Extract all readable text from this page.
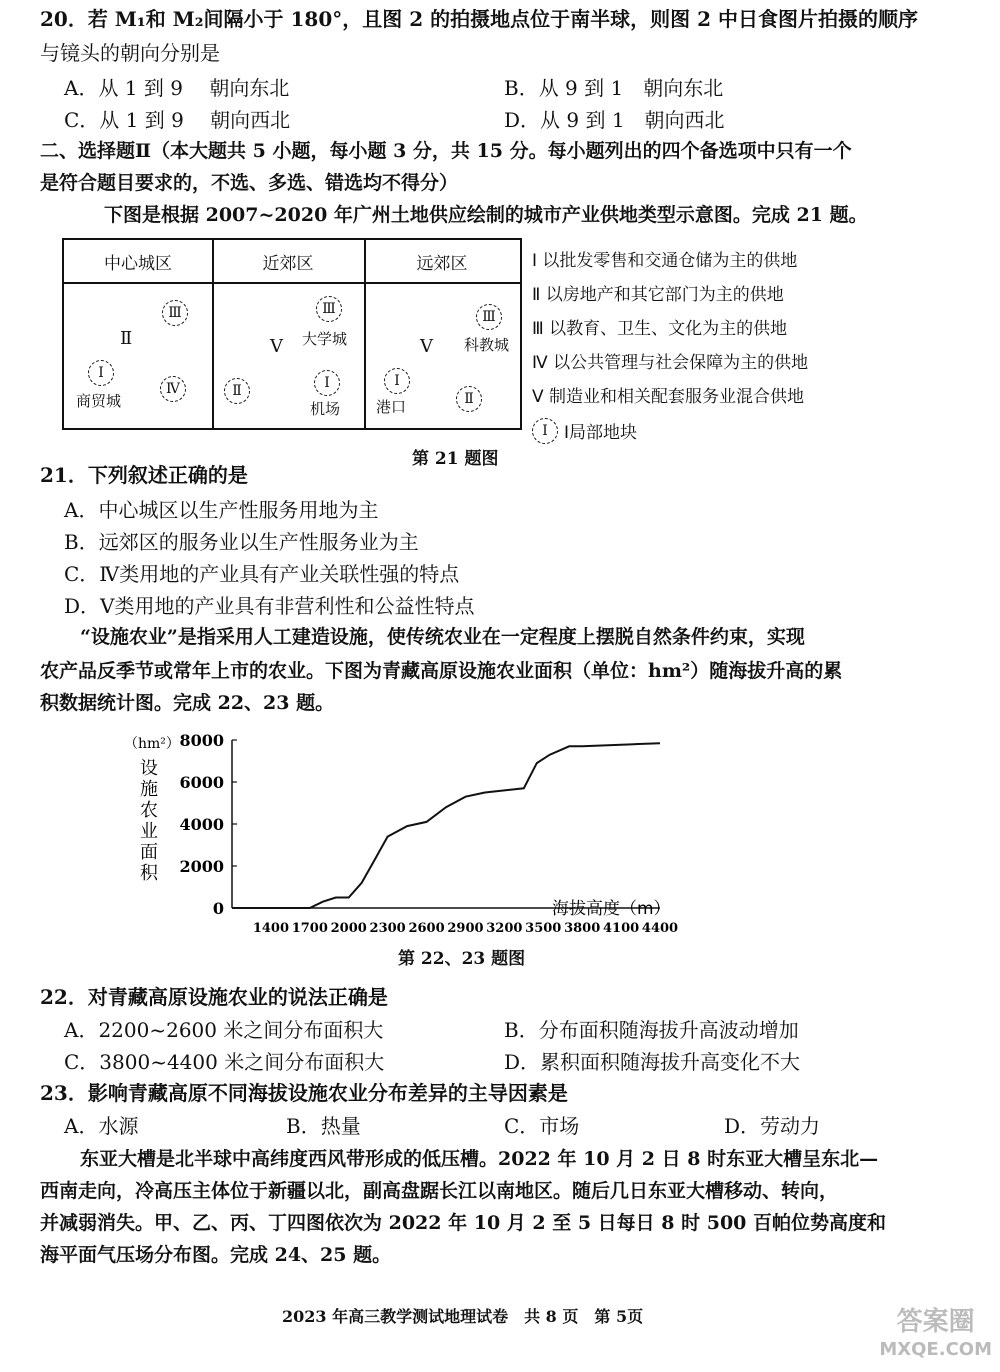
20．若 M₁和 M₂间隔小于 180°，且图 2 的拍摄地点位于南半球，则图 2 中日食图片拍摄的顺序
与镜头的朝向分别是
A．从 1 到 9　 朝向东北	B．从 9 到 1　朝向东北
C．从 1 到 9　 朝向西北	D．从 9 到 1　朝向西北
二、选择题Ⅱ（本大题共 5 小题，每小题 3 分，共 15 分。每小题列出的四个备选项中只有一个
是符合题目要求的，不选、多选、错选均不得分）
下图是根据 2007~2020 年广州土地供应绘制的城市产业供地类型示意图。完成 21 题。
中心城区	近郊区	远郊区
Ⅱ
Ⅲ
Ⅰ
商贸城
Ⅳ
Ⅴ
Ⅲ
大学城
Ⅱ	Ⅰ
机场
Ⅴ
Ⅲ
科教城
Ⅰ
港口	Ⅱ
Ⅰ 以批发零售和交通仓储为主的供地
Ⅱ 以房地产和其它部门为主的供地
Ⅲ 以教育、卫生、文化为主的供地
Ⅳ 以公共管理与社会保障为主的供地
Ⅴ 制造业和相关配套服务业混合供地
Ⅰ Ⅰ局部地块
第 21 题图
21．下列叙述正确的是
A．中心城区以生产性服务用地为主
B．远郊区的服务业以生产性服务业为主
C．Ⅳ类用地的产业具有产业关联性强的特点
D．Ⅴ类用地的产业具有非营利性和公益性特点
“设施农业”是指采用人工建造设施，使传统农业在一定程度上摆脱自然条件约束，实现
农产品反季节或常年上市的农业。下图为青藏高原设施农业面积（单位：hm²）随海拔升高的累
积数据统计图。完成 22、23 题。
（hm²）
设
施
农
业
面
积
0
2000
4000
6000
8000
1400 1700 2000 2300 2600 2900 3200 3500 3800 4100 4400
海拔高度（m）
第 22、23 题图
22．对青藏高原设施农业的说法正确是
A．2200~2600 米之间分布面积大	B．分布面积随海拔升高波动增加
C．3800~4400 米之间分布面积大	D．累积面积随海拔升高变化不大
23．影响青藏高原不同海拔设施农业分布差异的主导因素是
A．水源	B．热量	C．市场	D．劳动力
东亚大槽是北半球中高纬度西风带形成的低压槽。2022 年 10 月 2 日 8 时东亚大槽呈东北—
西南走向，冷高压主体位于新疆以北，副高盘踞长江以南地区。随后几日东亚大槽移动、转向，
并减弱消失。甲、乙、丙、丁四图依次为 2022 年 10 月 2 至 5 日每日 8 时 500 百帕位势高度和
海平面气压场分布图。完成 24、25 题。
2023 年高三教学测试地理试卷　共 8 页　第 5页	答案圈
MXQE.COM
